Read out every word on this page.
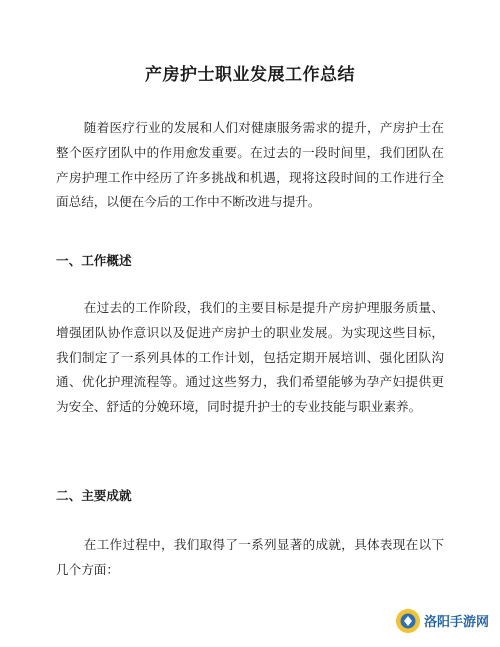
产房护士职业发展工作总结

随着医疗行业的发展和人们对健康服务需求的提升，产房护士在整个医疗团队中的作用愈发重要。在过去的一段时间里，我们团队在产房护理工作中经历了许多挑战和机遇，现将这段时间的工作进行全面总结，以便在今后的工作中不断改进与提升。

一、工作概述

在过去的工作阶段，我们的主要目标是提升产房护理服务质量、增强团队协作意识以及促进产房护士的职业发展。为实现这些目标，我们制定了一系列具体的工作计划，包括定期开展培训、强化团队沟通、优化护理流程等。通过这些努力，我们希望能够为孕产妇提供更为安全、舒适的分娩环境，同时提升护士的专业技能与职业素养。

二、主要成就

在工作过程中，我们取得了一系列显著的成就，具体表现在以下几个方面：

洛阳手游网
